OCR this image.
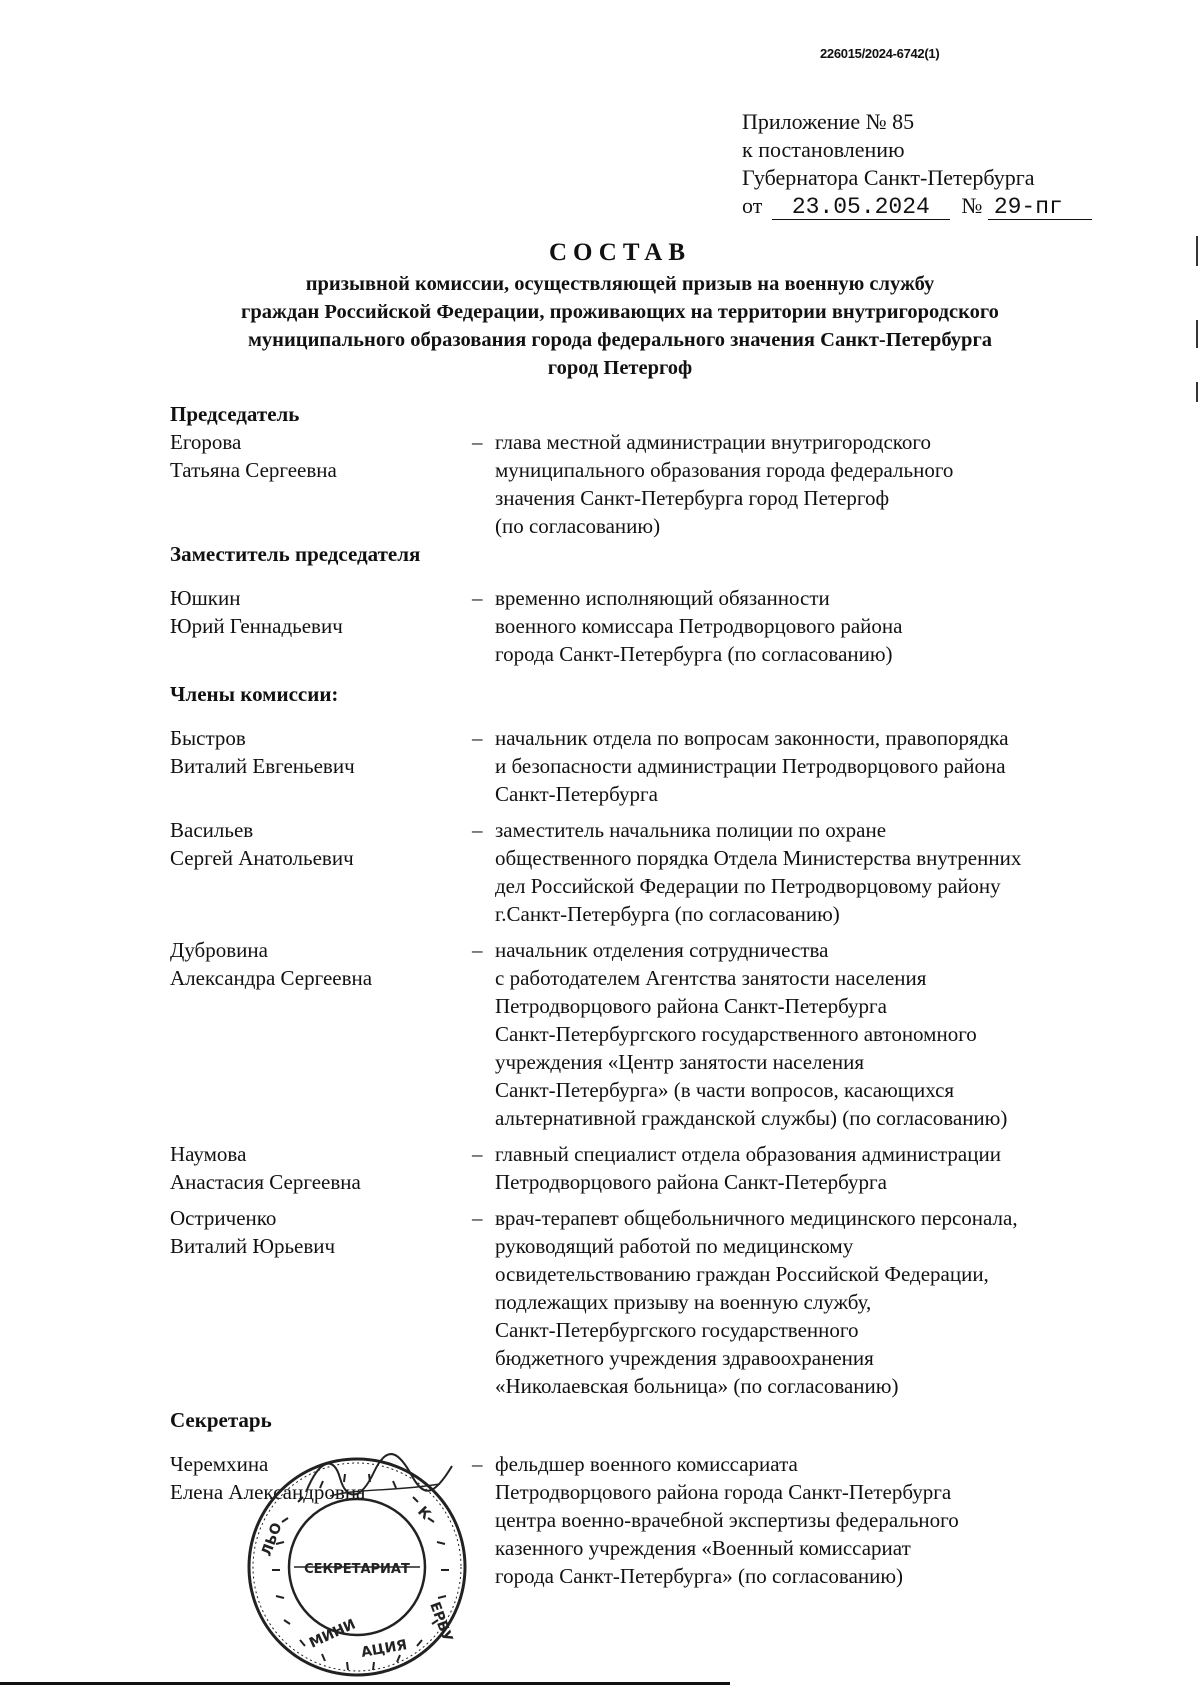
226015/2024-6742(1)
Приложение № 85
к постановлению
Губернатора Санкт-Петербурга
от 23.05.2024 № 29-пг
СОСТАВ
призывной комиссии, осуществляющей призыв на военную службу
граждан Российской Федерации, проживающих на территории внутригородского
муниципального образования города федерального значения Санкт-Петербурга
город Петергоф
Председатель
Егорова
Татьяна Сергеевна
– глава местной администрации внутригородского
муниципального образования города федерального
значения Санкт-Петербурга город Петергоф
(по согласованию)
Заместитель председателя
Юшкин
Юрий Геннадьевич
– временно исполняющий обязанности
военного комиссара Петродворцового района
города Санкт-Петербурга (по согласованию)
Члены комиссии:
Быстров
Виталий Евгеньевич
– начальник отдела по вопросам законности, правопорядка
и безопасности администрации Петродворцового района
Санкт-Петербурга
Васильев
Сергей Анатольевич
– заместитель начальника полиции по охране
общественного порядка Отдела Министерства внутренних
дел Российской Федерации по Петродворцовому району
г.Санкт-Петербурга (по согласованию)
Дубровина
Александра Сергеевна
– начальник отделения сотрудничества
с работодателем Агентства занятости населения
Петродворцового района Санкт-Петербурга
Санкт-Петербургского государственного автономного
учреждения «Центр занятости населения
Санкт-Петербурга» (в части вопросов, касающихся
альтернативной гражданской службы) (по согласованию)
Наумова
Анастасия Сергеевна
– главный специалист отдела образования администрации
Петродворцового района Санкт-Петербурга
Остриченко
Виталий Юрьевич
– врач-терапевт общебольничного медицинского персонала,
руководящий работой по медицинскому
освидетельствованию граждан Российской Федерации,
подлежащих призыву на военную службу,
Санкт-Петербургского государственного
бюджетного учреждения здравоохранения
«Николаевская больница» (по согласованию)
Секретарь
Черемхина
Елена Александровна
– фельдшер военного комиссариата
Петродворцового района города Санкт-Петербурга
центра военно-врачебной экспертизы федерального
казенного учреждения «Военный комиссариат
города Санкт-Петербурга» (по согласованию)
ЛЬО
К
ЕРБУ
МИНИ АЦИЯ
СЕКРЕТАРИАТ
